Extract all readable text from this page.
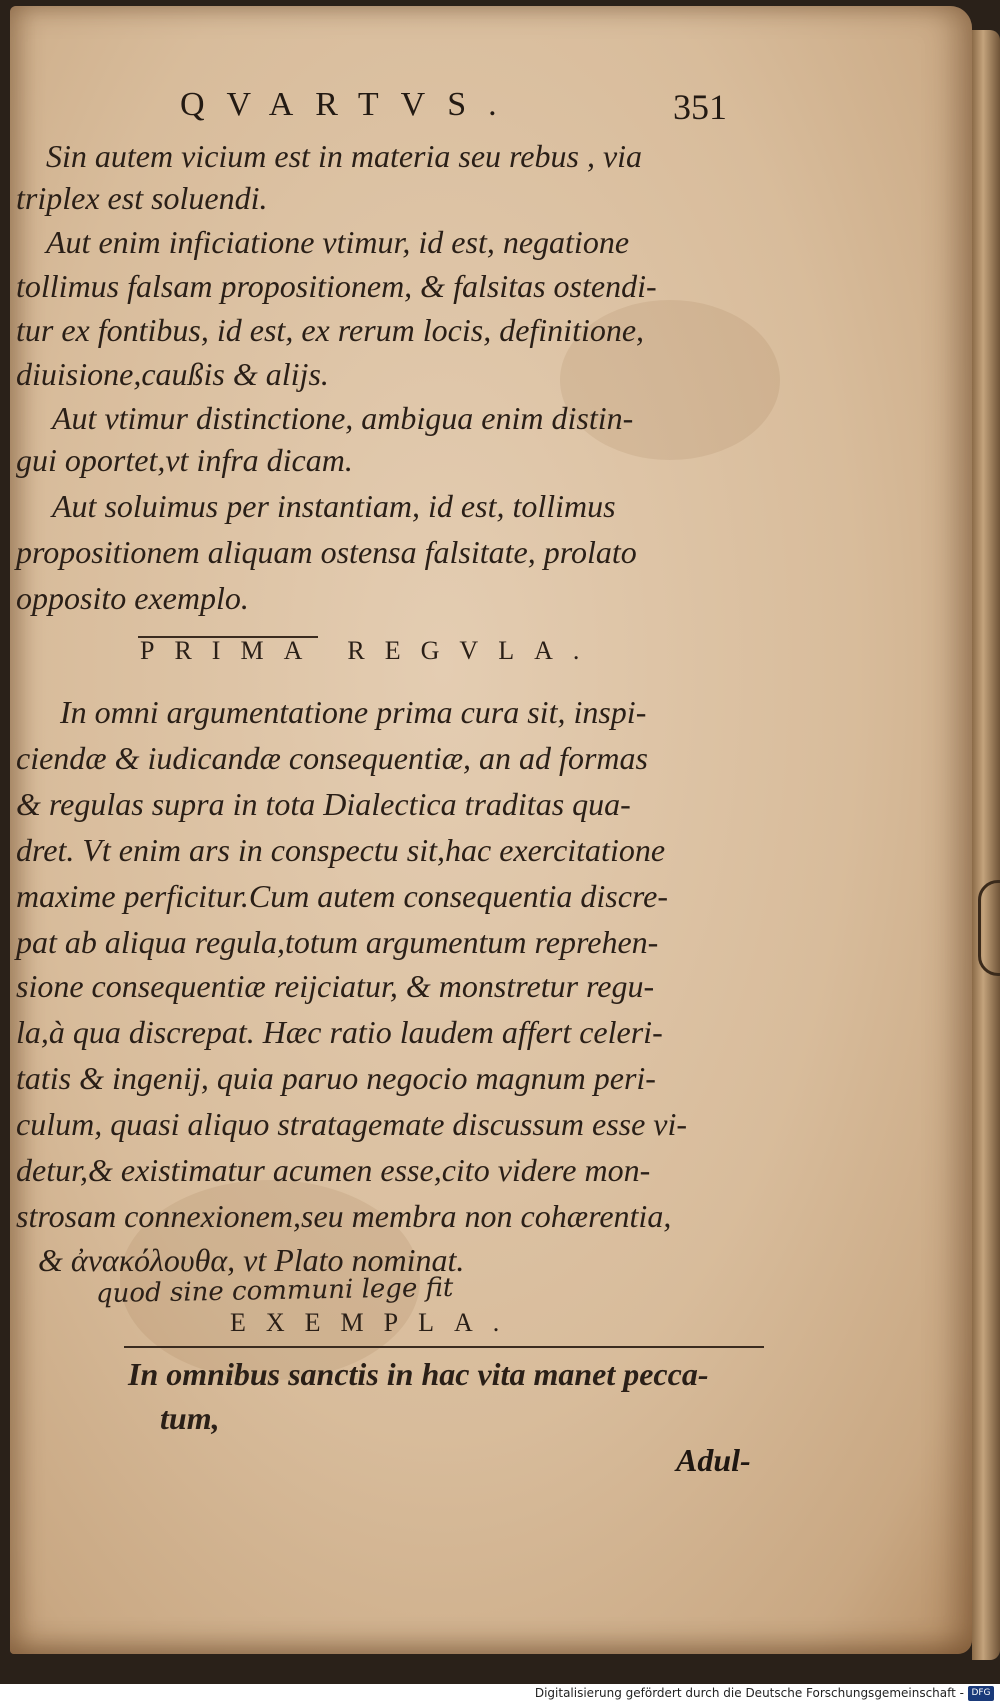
QVARTVS.	351
Sin autem vicium est in materia seu rebus , via
triplex est soluendi.
Aut enim inficiatione vtimur, id est, negatione
tollimus falsam propositionem, & falsitas ostendi-
tur ex fontibus, id est, ex rerum locis, definitione,
diuisione,caußis & alijs.
Aut vtimur distinctione, ambigua enim distin-
gui oportet,vt infra dicam.
Aut soluimus per instantiam, id est, tollimus
propositionem aliquam ostensa falsitate, prolato
opposito exemplo.
PRIMA REGVLA.
In omni argumentatione prima cura sit, inspi-
ciendæ & iudicandæ consequentiæ, an ad formas
& regulas supra in tota Dialectica traditas qua-
dret. Vt enim ars in conspectu sit,hac exercitatione
maxime perficitur.Cum autem consequentia discre-
pat ab aliqua regula,totum argumentum reprehen-
sione consequentiæ reijciatur, & monstretur regu-
la,à qua discrepat. Hæc ratio laudem affert celeri-
tatis & ingenij, quia paruo negocio magnum peri-
culum, quasi aliquo stratagemate discussum esse vi-
detur,& existimatur acumen esse,cito videre mon-
strosam connexionem,seu membra non cohærentia,
& ἀνακόλουθα, vt Plato nominat.
quod sine communi lege fit
EXEMPLA.
In omnibus sanctis in hac vita manet pecca-
tum,
Adul-
Digitalisierung gefördert durch die Deutsche Forschungsgemeinschaft - DFG
